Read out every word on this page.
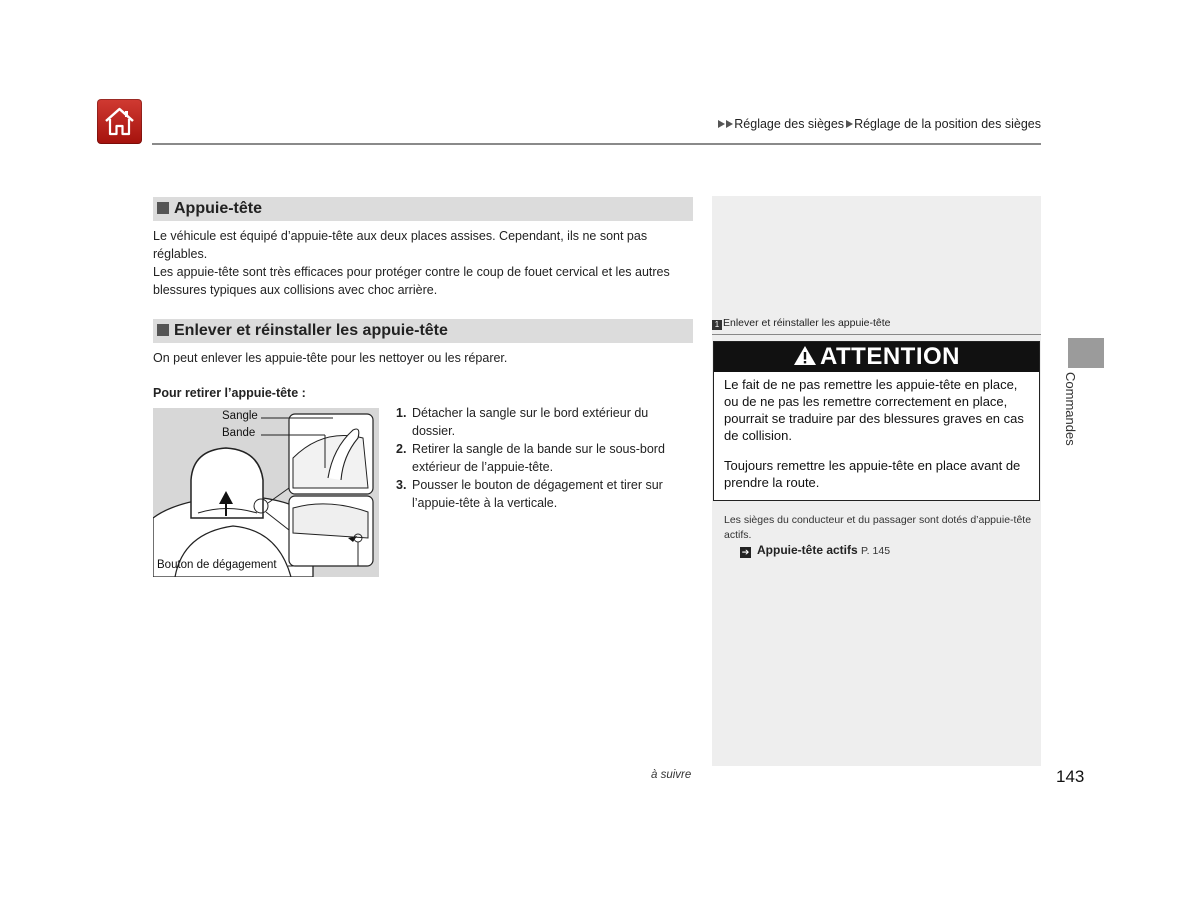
Réglage des sièges Réglage de la position des sièges
Appuie-tête
Le véhicule est équipé d’appuie-tête aux deux places assises. Cependant, ils ne sont pas réglables.
Les appuie-tête sont très efficaces pour protéger contre le coup de fouet cervical et les autres blessures typiques aux collisions avec choc arrière.
Enlever et réinstaller les appuie-tête
On peut enlever les appuie-tête pour les nettoyer ou les réparer.
Pour retirer l’appuie-tête :
Sangle
Bande
Bouton de dégagement
1. Détacher la sangle sur le bord extérieur du dossier.
2. Retirer la sangle de la bande sur le sous-bord extérieur de l’appuie-tête.
3. Pousser le bouton de dégagement et tirer sur l’appuie-tête à la verticale.
1 Enlever et réinstaller les appuie-tête
ATTENTION

Le fait de ne pas remettre les appuie-tête en place, ou de ne pas les remettre correctement en place, pourrait se traduire par des blessures graves en cas de collision.

Toujours remettre les appuie-tête en place avant de prendre la route.

Les sièges du conducteur et du passager sont dotés d’appuie-tête actifs.
➔ Appuie-tête actifs P. 145
Commandes
à suivre	143
